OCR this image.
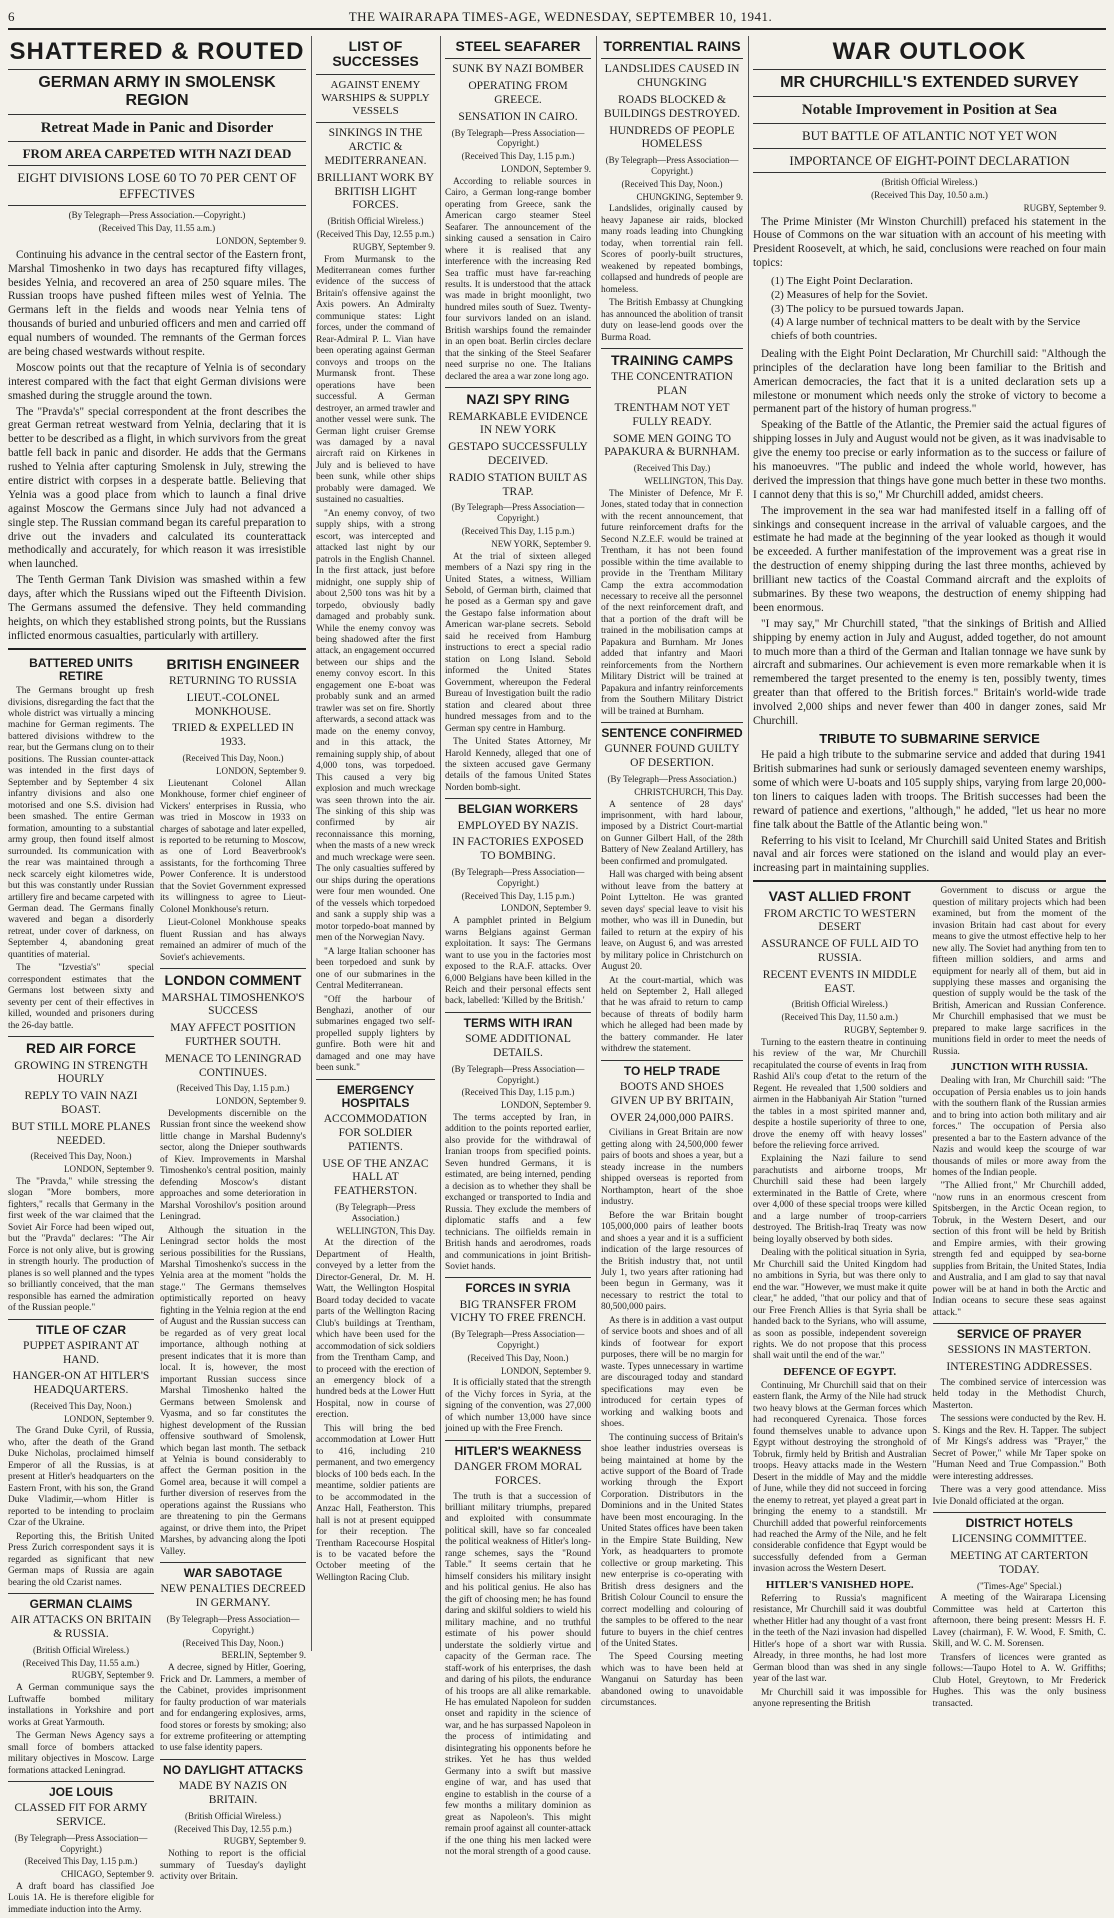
6	THE WAIRARAPA TIMES-AGE, WEDNESDAY, SEPTEMBER 10, 1941.
SHATTERED & ROUTED
GERMAN ARMY IN SMOLENSK REGION
Retreat Made in Panic and Disorder
FROM AREA CARPETED WITH NAZI DEAD
EIGHT DIVISIONS LOSE 60 TO 70 PER CENT OF EFFECTIVES
(By Telegraph—Press Association.—Copyright.)
(Received This Day, 11.55 a.m.)
LONDON, September 9.

Continuing his advance in the central sector of the Eastern front, Marshal Timoshenko in two days has recaptured fifty villages, besides Yelnia, and recovered an area of 250 square miles. The Russian troops have pushed fifteen miles west of Yelnia. The Germans left in the fields and woods near Yelnia tens of thousands of buried and unburied officers and men and carried off equal numbers of wounded. The remnants of the German forces are being chased westwards without respite.

Moscow points out that the recapture of Yelnia is of secondary interest compared with the fact that eight German divisions were smashed during the struggle around the town.

The "Pravda's" special correspondent at the front describes the great German retreat westward from Yelnia, declaring that it is better to be described as a flight, in which survivors from the great battle fell back in panic and disorder. He adds that the Germans rushed to Yelnia after capturing Smolensk in July, strewing the entire district with corpses in a desperate battle. Believing that Yelnia was a good place from which to launch a final drive against Moscow the Germans since July had not advanced a single step. The Russian command began its careful preparation to drive out the invaders and calculated its counterattack methodically and accurately, for which reason it was irresistible when launched.

The Tenth German Tank Division was smashed within a few days, after which the Russians wiped out the Fifteenth Division. The Germans assumed the defensive. They held commanding heights, on which they established strong points, but the Russians inflicted enormous casualties, particularly with artillery.

BATTERED UNITS RETIRE

The Germans brought up fresh divisions, disregarding the fact that the whole district was virtually a mincing machine for German regiments. The battered divisions withdrew to the rear, but the Germans clung on to their positions. The Russian counter-attack was intended in the first days of September and by September 4 six infantry divisions and also one motorised and one S.S. division had been smashed. The entire German formation, amounting to a substantial army group, then found itself almost surrounded. Its communication with the rear was maintained through a neck scarcely eight kilometres wide, but this was constantly under Russian artillery fire and became carpeted with German dead. The Germans finally wavered and began a disorderly retreat, under cover of darkness, on September 4, abandoning great quantities of material.

The "Izvestia's" special correspondent estimates that the Germans lost between sixty and seventy per cent of their effectives in killed, wounded and prisoners during the 26-day battle.

RED AIR FORCE
GROWING IN STRENGTH HOURLY
REPLY TO VAIN NAZI BOAST.
BUT STILL MORE PLANES NEEDED.
(Received This Day, Noon.)
LONDON, September 9.

The "Pravda," while stressing the slogan "More bombers, more fighters," recalls that Germany in the first week of the war claimed that the Soviet Air Force had been wiped out, but the "Pravda" declares: "The Air Force is not only alive, but is growing in strength hourly. The production of planes is so well planned and the types so brilliantly conceived, that the man responsible has earned the admiration of the Russian people."

TITLE OF CZAR
PUPPET ASPIRANT AT HAND.
HANGER-ON AT HITLER'S HEADQUARTERS.
(Received This Day, Noon.)
LONDON, September 9.

The Grand Duke Cyril, of Russia, who, after the death of the Grand Duke Nicholas, proclaimed himself Emperor of all the Russias, is at present at Hitler's headquarters on the Eastern Front, with his son, the Grand Duke Vladimir,—whom Hitler is reported to be intending to proclaim Czar of the Ukraine.

Reporting this, the British United Press Zurich correspondent says it is regarded as significant that new German maps of Russia are again bearing the old Czarist names.

GERMAN CLAIMS
AIR ATTACKS ON BRITAIN & RUSSIA.
(British Official Wireless.)
(Received This Day, 11.55 a.m.)
RUGBY, September 9.

A German communique says the Luftwaffe bombed military installations in Yorkshire and port works at Great Yarmouth.

The German News Agency says a small force of bombers attacked military objectives in Moscow. Large formations attacked Leningrad.

JOE LOUIS
CLASSED FIT FOR ARMY SERVICE.
(By Telegraph—Press Association—Copyright.)
(Received This Day, 1.15 p.m.)
CHICAGO, September 9.

A draft board has classified Joe Louis 1A. He is therefore eligible for immediate induction into the Army.

BRITISH ENGINEER
RETURNING TO RUSSIA
LIEUT.-COLONEL MONKHOUSE.
TRIED & EXPELLED IN 1933.
(Received This Day, Noon.)
LONDON, September 9.

Lieutenant Colonel Allan Monkhouse, former chief engineer of Vickers' enterprises in Russia, who was tried in Moscow in 1933 on charges of sabotage and later expelled, is reported to be returning to Moscow, as one of Lord Beaverbrook's assistants, for the forthcoming Three Power Conference. It is understood that the Soviet Government expressed its willingness to agree to Lieut-Colonel Monkhouse's return.

Lieut-Colonel Monkhouse speaks fluent Russian and has always remained an admirer of much of the Soviet's achievements.

LONDON COMMENT
MARSHAL TIMOSHENKO'S SUCCESS
MAY AFFECT POSITION FURTHER SOUTH.
MENACE TO LENINGRAD CONTINUES.
(Received This Day, 1.15 p.m.)
LONDON, September 9.

Developments discernible on the Russian front since the weekend show little change in Marshal Budenny's sector, along the Dnieper southwards of Kiev. Improvements in Marshal Timoshenko's central position, mainly defending Moscow's distant approaches and some deterioration in Marshal Voroshilov's position around Leningrad.

Although the situation in the Leningrad sector holds the most serious possibilities for the Russians, Marshal Timoshenko's success in the Yelnia area at the moment "holds the stage." The Germans themselves optimistically reported on heavy fighting in the Yelnia region at the end of August and the Russian success can be regarded as of very great local importance, although nothing at present indicates that it is more than local. It is, however, the most important Russian success since Marshal Timoshenko halted the Germans between Smolensk and Vyasma, and so far constitutes the highest development of the Russian offensive southward of Smolensk, which began last month. The setback at Yelnia is bound considerably to affect the German position in the Gomel area, because it will compel a further diversion of reserves from the operations against the Russians who are threatening to pin the Germans against, or drive them into, the Pripet Marshes, by advancing along the Ipoti Valley.

WAR SABOTAGE
NEW PENALTIES DECREED IN GERMANY.
(By Telegraph—Press Association—Copyright.)
(Received This Day, Noon.)
BERLIN, September 9.

A decree, signed by Hitler, Goering, Frick and Dr. Lammers, a member of the Cabinet, provides imprisonment for faulty production of war materials and for endangering explosives, arms, food stores or forests by smoking; also for extreme profiteering or attempting to use false identity papers.

NO DAYLIGHT ATTACKS
MADE BY NAZIS ON BRITAIN.
(British Official Wireless.)
(Received This Day, 12.55 p.m.)
RUGBY, September 9.

Nothing to report is the official summary of Tuesday's daylight activity over Britain.

LIST OF SUCCESSES
AGAINST ENEMY WARSHIPS & SUPPLY VESSELS
SINKINGS IN THE ARCTIC & MEDITERRANEAN.
BRILLIANT WORK BY BRITISH LIGHT FORCES.
(British Official Wireless.)
(Received This Day, 12.55 p.m.)
RUGBY, September 9.

From Murmansk to the Mediterranean comes further evidence of the success of Britain's offensive against the Axis powers. An Admiralty communique states: Light forces, under the command of Rear-Admiral P. L. Vian have been operating against German convoys and troops on the Murmansk front. These operations have been successful. A German destroyer, an armed trawler and another vessel were sunk. The German light cruiser Gremse was damaged by a naval aircraft raid on Kirkenes in July and is believed to have been sunk, while other ships probably were damaged. We sustained no casualties.

"An enemy convoy, of two supply ships, with a strong escort, was intercepted and attacked last night by our patrols in the English Channel. In the first attack, just before midnight, one supply ship of about 2,500 tons was hit by a torpedo, obviously badly damaged and probably sunk. While the enemy convoy was being shadowed after the first attack, an engagement occurred between our ships and the enemy convoy escort. In this engagement one E-boat was probably sunk and an armed trawler was set on fire. Shortly afterwards, a second attack was made on the enemy convoy, and in this attack, the remaining supply ship, of about 4,000 tons, was torpedoed. This caused a very big explosion and much wreckage was seen thrown into the air. The sinking of this ship was confirmed by air reconnaissance this morning, when the masts of a new wreck and much wreckage were seen. The only casualties suffered by our ships during the operations were four men wounded. One of the vessels which torpedoed and sank a supply ship was a motor torpedo-boat manned by men of the Norwegian Navy.

"A large Italian schooner has been torpedoed and sunk by one of our submarines in the Central Mediterranean.

"Off the harbour of Benghazi, another of our submarines engaged two self-propelled supply lighters by gunfire. Both were hit and damaged and one may have been sunk."

EMERGENCY HOSPITALS
ACCOMMODATION FOR SOLDIER PATIENTS.
USE OF THE ANZAC HALL AT FEATHERSTON.
(By Telegraph—Press Association.)
WELLINGTON, This Day.

At the direction of the Department of Health, conveyed by a letter from the Director-General, Dr. M. H. Watt, the Wellington Hospital Board today decided to vacate parts of the Wellington Racing Club's buildings at Trentham, which have been used for the accommodation of sick soldiers from the Trentham Camp, and to proceed with the erection of an emergency block of a hundred beds at the Lower Hutt Hospital, now in course of erection.

This will bring the bed accommodation at Lower Hutt to 416, including 210 permanent, and two emergency blocks of 100 beds each. In the meantime, soldier patients are to be accommodated in the Anzac Hall, Featherston. This hall is not at present equipped for their reception. The Trentham Racecourse Hospital is to be vacated before the October meeting of the Wellington Racing Club.

STEEL SEAFARER
SUNK BY NAZI BOMBER
OPERATING FROM GREECE.
SENSATION IN CAIRO.
(By Telegraph—Press Association—Copyright.)
(Received This Day, 1.15 p.m.)
LONDON, September 9.

According to reliable sources in Cairo, a German long-range bomber operating from Greece, sank the American cargo steamer Steel Seafarer. The announcement of the sinking caused a sensation in Cairo where it is realised that any interference with the increasing Red Sea traffic must have far-reaching results. It is understood that the attack was made in bright moonlight, two hundred miles south of Suez. Twenty-four survivors landed on an island. British warships found the remainder in an open boat. Berlin circles declare that the sinking of the Steel Seafarer need surprise no one. The Italians declared the area a war zone long ago.

NAZI SPY RING
REMARKABLE EVIDENCE IN NEW YORK
GESTAPO SUCCESSFULLY DECEIVED.
RADIO STATION BUILT AS TRAP.
(By Telegraph—Press Association—Copyright.)
(Received This Day, 1.15 p.m.)
NEW YORK, September 9.

At the trial of sixteen alleged members of a Nazi spy ring in the United States, a witness, William Sebold, of German birth, claimed that he posed as a German spy and gave the Gestapo false information about American war-plane secrets. Sebold said he received from Hamburg instructions to erect a special radio station on Long Island. Sebold informed the United States Government, whereupon the Federal Bureau of Investigation built the radio station and cleared about three hundred messages from and to the German spy centre in Hamburg.

The United States Attorney, Mr Harold Kennedy, alleged that one of the sixteen accused gave Germany details of the famous United States Norden bomb-sight.

BELGIAN WORKERS
EMPLOYED BY NAZIS.
IN FACTORIES EXPOSED TO BOMBING.
(By Telegraph—Press Association—Copyright.)
(Received This Day, 1.15 p.m.)
LONDON, September 9.

A pamphlet printed in Belgium warns Belgians against German exploitation. It says: The Germans want to use you in the factories most exposed to the R.A.F. attacks. Over 6,000 Belgians have been killed in the Reich and their personal effects sent back, labelled: 'Killed by the British.'

TERMS WITH IRAN
SOME ADDITIONAL DETAILS.
(By Telegraph—Press Association—Copyright.)
(Received This Day, 1.15 p.m.)
LONDON, September 9.

The terms accepted by Iran, in addition to the points reported earlier, also provide for the withdrawal of Iranian troops from specified points. Seven hundred Germans, it is estimated, are being interned, pending a decision as to whether they shall be exchanged or transported to India and Russia. They exclude the members of diplomatic staffs and a few technicians. The oilfields remain in British hands and aerodromes, roads and communications in joint British-Soviet hands.

FORCES IN SYRIA
BIG TRANSFER FROM VICHY TO FREE FRENCH.
(By Telegraph—Press Association—Copyright.)
(Received This Day, Noon.)
LONDON, September 9.

It is officially stated that the strength of the Vichy forces in Syria, at the signing of the convention, was 27,000 of which number 13,000 have since joined up with the Free French.

HITLER'S WEAKNESS
DANGER FROM MORAL FORCES.

The truth is that a succession of brilliant military triumphs, prepared and exploited with consummate political skill, have so far concealed the political weakness of Hitler's long-range schemes, says the "Round Table." It seems certain that he himself considers his military insight and his political genius. He also has the gift of choosing men; he has found daring and skilful soldiers to wield his military machine, and no truthful estimate of his power should understate the soldierly virtue and capacity of the German race. The staff-work of his enterprises, the dash and daring of his pilots, the endurance of his troops are all alike remarkable. He has emulated Napoleon for sudden onset and rapidity in the science of war, and he has surpassed Napoleon in the process of intimidating and disintegrating his opponents before he strikes. Yet he has thus welded Germany into a swift but massive engine of war, and has used that engine to establish in the course of a few months a military dominion as great as Napoleon's. This might remain proof against all counter-attack if the one thing his men lacked were not the moral strength of a good cause.

TORRENTIAL RAINS
LANDSLIDES CAUSED IN CHUNGKING
ROADS BLOCKED & BUILDINGS DESTROYED.
HUNDREDS OF PEOPLE HOMELESS
(By Telegraph—Press Association—Copyright.)
(Received This Day, Noon.)
CHUNGKING, September 9.

Landslides, originally caused by heavy Japanese air raids, blocked many roads leading into Chungking today, when torrential rain fell. Scores of poorly-built structures, weakened by repeated bombings, collapsed and hundreds of people are homeless.

The British Embassy at Chungking has announced the abolition of transit duty on lease-lend goods over the Burma Road.

TRAINING CAMPS
THE CONCENTRATION PLAN
TRENTHAM NOT YET FULLY READY.
SOME MEN GOING TO PAPAKURA & BURNHAM.
(Received This Day.)
WELLINGTON, This Day.

The Minister of Defence, Mr F. Jones, stated today that in connection with the recent announcement, that future reinforcement drafts for the Second N.Z.E.F. would be trained at Trentham, it has not been found possible within the time available to provide in the Trentham Military Camp the extra accommodation necessary to receive all the personnel of the next reinforcement draft, and that a portion of the draft will be trained in the mobilisation camps at Papakura and Burnham. Mr Jones added that infantry and Maori reinforcements from the Northern Military District will be trained at Papakura and infantry reinforcements from the Southern Military District will be trained at Burnham.

SENTENCE CONFIRMED
GUNNER FOUND GUILTY OF DESERTION.
(By Telegraph—Press Association.)
CHRISTCHURCH, This Day.

A sentence of 28 days' imprisonment, with hard labour, imposed by a District Court-martial on Gunner Gilbert Hall, of the 28th Battery of New Zealand Artillery, has been confirmed and promulgated.

Hall was charged with being absent without leave from the battery at Point Lyttelton. He was granted seven days' special leave to visit his mother, who was ill in Dunedin, but failed to return at the expiry of his leave, on August 6, and was arrested by military police in Christchurch on August 20.

At the court-martial, which was held on September 2, Hall alleged that he was afraid to return to camp because of threats of bodily harm which he alleged had been made by the battery commander. He later withdrew the statement.

TO HELP TRADE
BOOTS AND SHOES GIVEN UP BY BRITAIN,
OVER 24,000,000 PAIRS.

Civilians in Great Britain are now getting along with 24,500,000 fewer pairs of boots and shoes a year, but a steady increase in the numbers shipped overseas is reported from Northampton, heart of the shoe industry.

Before the war Britain bought 105,000,000 pairs of leather boots and shoes a year and it is a sufficient indication of the large resources of the British industry that, not until July 1, two years after rationing had been begun in Germany, was it necessary to restrict the total to 80,500,000 pairs.

As there is in addition a vast output of service boots and shoes and of all kinds of footwear for export purposes, there will be no margin for waste. Types unnecessary in wartime are discouraged today and standard specifications may even be introduced for certain types of working and walking boots and shoes.

The continuing success of Britain's shoe leather industries overseas is being maintained at home by the active support of the Board of Trade working through the Export Corporation. Distributors in the Dominions and in the United States have been most encouraging. In the United States offices have been taken in the Empire State Building, New York, as headquarters to promote collective or group marketing. This new enterprise is co-operating with British dress designers and the British Colour Council to ensure the correct modelling and colouring of the samples to be offered to the near future to buyers in the chief centres of the United States.

The Speed Coursing meeting which was to have been held at Wanganui on Saturday has been abandoned owing to unavoidable circumstances.

WAR OUTLOOK
MR CHURCHILL'S EXTENDED SURVEY
Notable Improvement in Position at Sea
BUT BATTLE OF ATLANTIC NOT YET WON
IMPORTANCE OF EIGHT-POINT DECLARATION
(British Official Wireless.)
(Received This Day, 10.50 a.m.)
RUGBY, September 9.

The Prime Minister (Mr Winston Churchill) prefaced his statement in the House of Commons on the war situation with an account of his meeting with President Roosevelt, at which, he said, conclusions were reached on four main topics:

(1) The Eight Point Declaration.
(2) Measures of help for the Soviet.
(3) The policy to be pursued towards Japan.
(4) A large number of technical matters to be dealt with by the Service chiefs of both countries.

Dealing with the Eight Point Declaration, Mr Churchill said: "Although the principles of the declaration have long been familiar to the British and American democracies, the fact that it is a united declaration sets up a milestone or monument which needs only the stroke of victory to become a permanent part of the history of human progress."

Speaking of the Battle of the Atlantic, the Premier said the actual figures of shipping losses in July and August would not be given, as it was inadvisable to give the enemy too precise or early information as to the success or failure of his manoeuvres. "The public and indeed the whole world, however, has derived the impression that things have gone much better in these two months. I cannot deny that this is so," Mr Churchill added, amidst cheers.

The improvement in the sea war had manifested itself in a falling off of sinkings and consequent increase in the arrival of valuable cargoes, and the estimate he had made at the beginning of the year looked as though it would be exceeded. A further manifestation of the improvement was a great rise in the destruction of enemy shipping during the last three months, achieved by brilliant new tactics of the Coastal Command aircraft and the exploits of submarines. By these two weapons, the destruction of enemy shipping had been enormous.

"I may say," Mr Churchill stated, "that the sinkings of British and Allied shipping by enemy action in July and August, added together, do not amount to much more than a third of the German and Italian tonnage we have sunk by aircraft and submarines. Our achievement is even more remarkable when it is remembered the target presented to the enemy is ten, possibly twenty, times greater than that offered to the British forces." Britain's world-wide trade involved 2,000 ships and never fewer than 400 in danger zones, said Mr Churchill.

TRIBUTE TO SUBMARINE SERVICE

He paid a high tribute to the submarine service and added that during 1941 British submarines had sunk or seriously damaged seventeen enemy warships, some of which were U-boats and 105 supply ships, varying from large 20,000-ton liners to caiques laden with troops. The British successes had been the reward of patience and exertions, "although," he added, "let us hear no more fine talk about the Battle of the Atlantic being won."

Referring to his visit to Iceland, Mr Churchill said United States and British naval and air forces were stationed on the island and would play an ever-increasing part in maintaining supplies.

VAST ALLIED FRONT
FROM ARCTIC TO WESTERN DESERT
ASSURANCE OF FULL AID TO RUSSIA.
RECENT EVENTS IN MIDDLE EAST.
(British Official Wireless.)
(Received This Day, 11.50 a.m.)
RUGBY, September 9.

Turning to the eastern theatre in continuing his review of the war, Mr Churchill recapitulated the course of events in Iraq from Rashid Ali's coup d'etat to the return of the Regent. He revealed that 1,500 soldiers and airmen in the Habbaniyah Air Station "turned the tables in a most spirited manner and, despite a hostile superiority of three to one, drove the enemy off with heavy losses" before the relieving force arrived.

Explaining the Nazi failure to send parachutists and airborne troops, Mr Churchill said these had been largely exterminated in the Battle of Crete, where over 4,000 of these special troops were killed and a large number of troop-carriers destroyed. The British-Iraq Treaty was now being loyally observed by both sides.

Dealing with the political situation in Syria, Mr Churchill said the United Kingdom had no ambitions in Syria, but was there only to end the war. "However, we must make it quite clear," he added, "that our policy and that of our Free French Allies is that Syria shall be handed back to the Syrians, who will assume, as soon as possible, independent sovereign rights. We do not propose that this process shall wait until the end of the war."

DEFENCE OF EGYPT.

Continuing, Mr Churchill said that on their eastern flank, the Army of the Nile had struck two heavy blows at the German forces which had reconquered Cyrenaica. Those forces found themselves unable to advance upon Egypt without destroying the stronghold of Tobruk, firmly held by British and Australian troops. Heavy attacks made in the Western Desert in the middle of May and the middle of June, while they did not succeed in forcing the enemy to retreat, yet played a great part in bringing the enemy to a standstill. Mr Churchill added that powerful reinforcements had reached the Army of the Nile, and he felt considerable confidence that Egypt would be successfully defended from a German invasion across the Western Desert.

HITLER'S VANISHED HOPE.

Referring to Russia's magnificent resistance, Mr Churchill said it was doubtful whether Hitler had any thought of a vast front in the teeth of the Nazi invasion had dispelled Hitler's hope of a short war with Russia. Already, in three months, he had lost more German blood than was shed in any single year of the last war.

Mr Churchill said it was impossible for anyone representing the British

Government to discuss or argue the question of military projects which had been examined, but from the moment of the invasion Britain had cast about for every means to give the utmost effective help to her new ally. The Soviet had anything from ten to fifteen million soldiers, and arms and equipment for nearly all of them, but aid in supplying these masses and organising the question of supply would be the task of the British, American and Russian Conference. Mr Churchill emphasised that we must be prepared to make large sacrifices in the munitions field in order to meet the needs of Russia.

JUNCTION WITH RUSSIA.

Dealing with Iran, Mr Churchill said: "The occupation of Persia enables us to join hands with the southern flank of the Russian armies and to bring into action both military and air forces." The occupation of Persia also presented a bar to the Eastern advance of the Nazis and would keep the scourge of war thousands of miles or more away from the homes of the Indian people.

"The Allied front," Mr Churchill added, "now runs in an enormous crescent from Spitsbergen, in the Arctic Ocean region, to Tobruk, in the Western Desert, and our section of this front will be held by British and Empire armies, with their growing strength fed and equipped by sea-borne supplies from Britain, the United States, India and Australia, and I am glad to say that naval power will be at hand in both the Arctic and Indian oceans to secure these seas against attack."

SERVICE OF PRAYER
SESSIONS IN MASTERTON.
INTERESTING ADDRESSES.

The combined service of intercession was held today in the Methodist Church, Masterton.

The sessions were conducted by the Rev. H. S. Kings and the Rev. H. Tapper. The subject of Mr Kings's address was "Prayer," the Secret of Power," while Mr Taper spoke on "Human Need and True Compassion." Both were interesting addresses.

There was a very good attendance. Miss Ivie Donald officiated at the organ.

DISTRICT HOTELS
LICENSING COMMITTEE.
MEETING AT CARTERTON TODAY.
("Times-Age" Special.)

A meeting of the Wairarapa Licensing Committee was held at Carterton this afternoon, there being present: Messrs H. F. Lavey (chairman), F. W. Wood, F. Smith, C. Skill, and W. C. M. Sorensen.

Transfers of licences were granted as follows:—Taupo Hotel to A. W. Griffiths; Club Hotel, Greytown, to Mr Frederick Hughes. This was the only business transacted.
